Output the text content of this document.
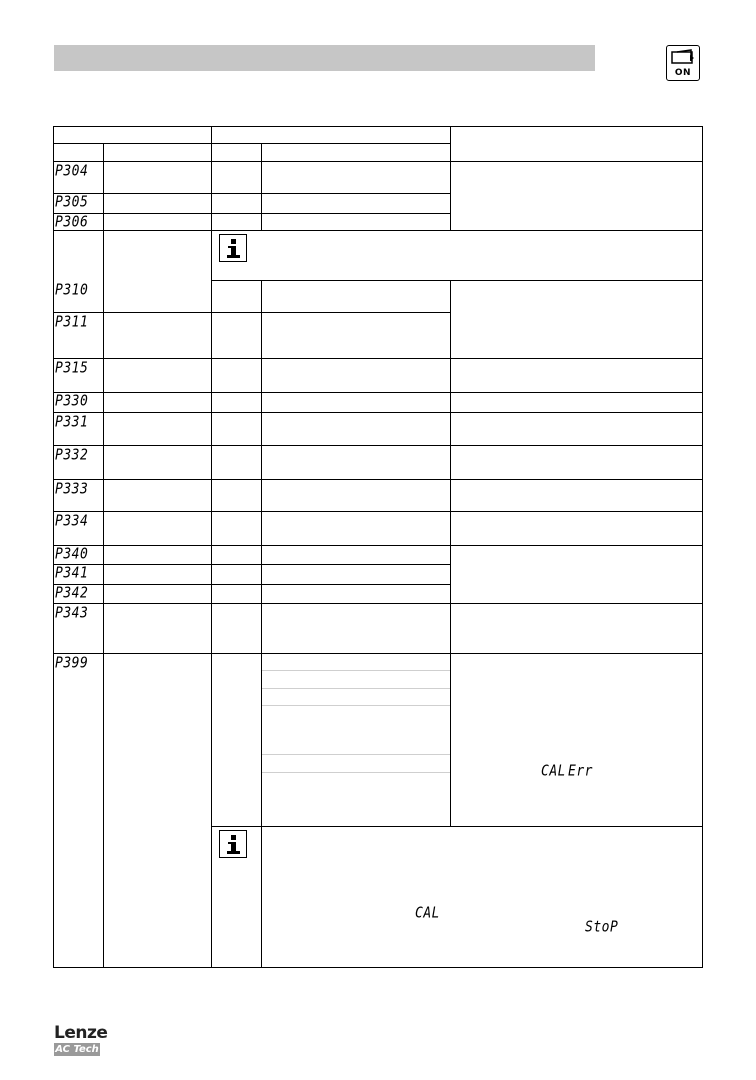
ON
P304
P305
P306
P310
P311
P315
P330
P331
P332
P333
P334
P340
P341
P342
P343
P399
CAL Err
CAL
StoP
Lenze
AC Tech
